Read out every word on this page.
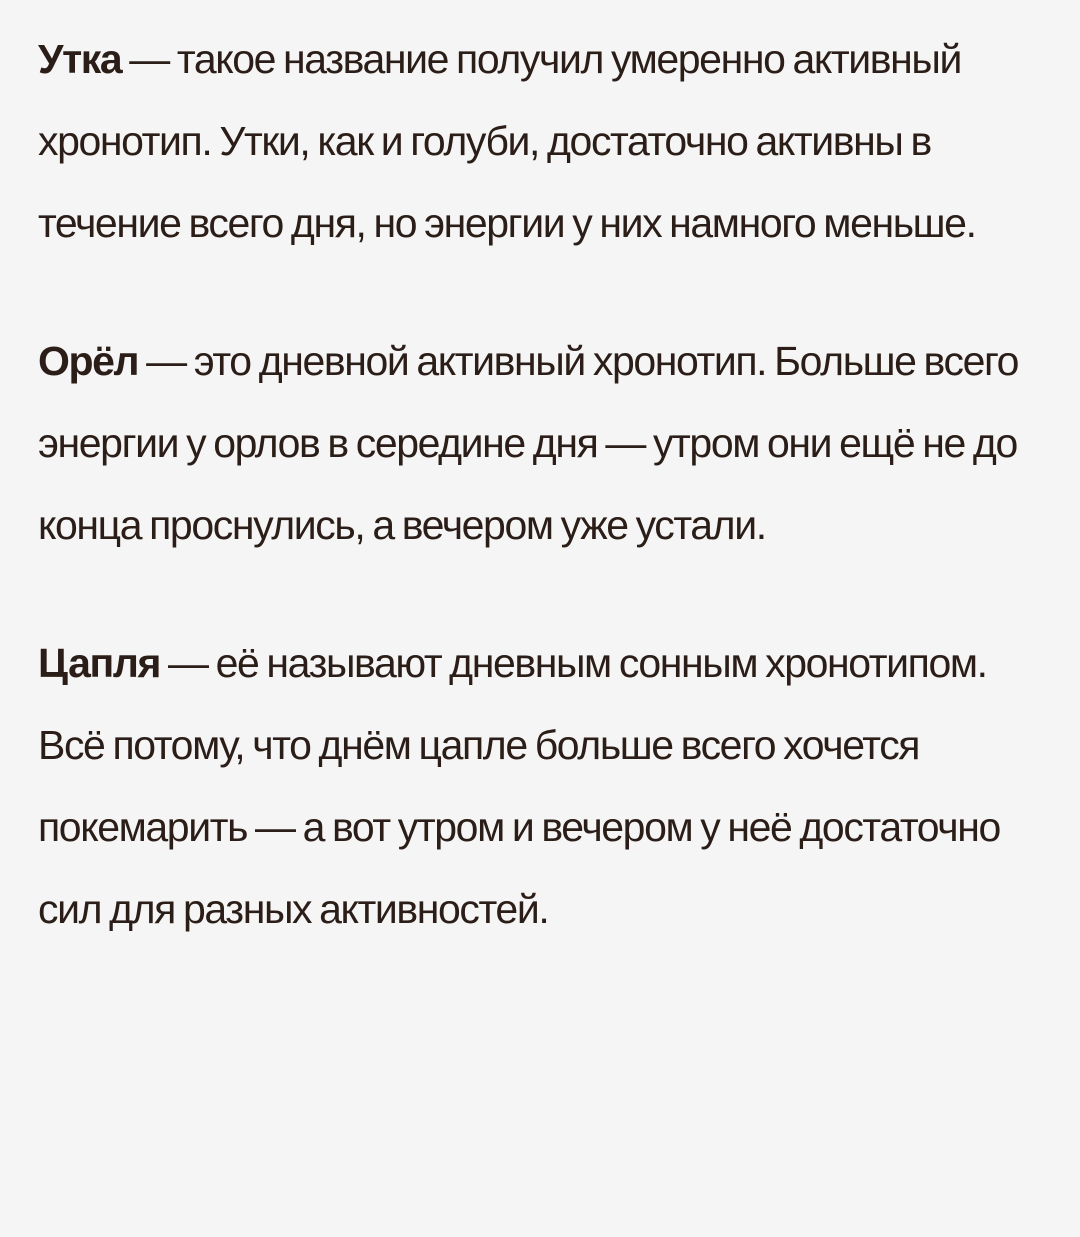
Утка — такое название получил умеренно активный хронотип. Утки, как и голуби, достаточно активны в течение всего дня, но энергии у них намного меньше.

Орёл — это дневной активный хронотип. Больше всего энергии у орлов в середине дня — утром они ещё не до конца проснулись, а вечером уже устали.

Цапля — её называют дневным сонным хронотипом. Всё потому, что днём цапле больше всего хочется покемарить — а вот утром и вечером у неё достаточно сил для разных активностей.
